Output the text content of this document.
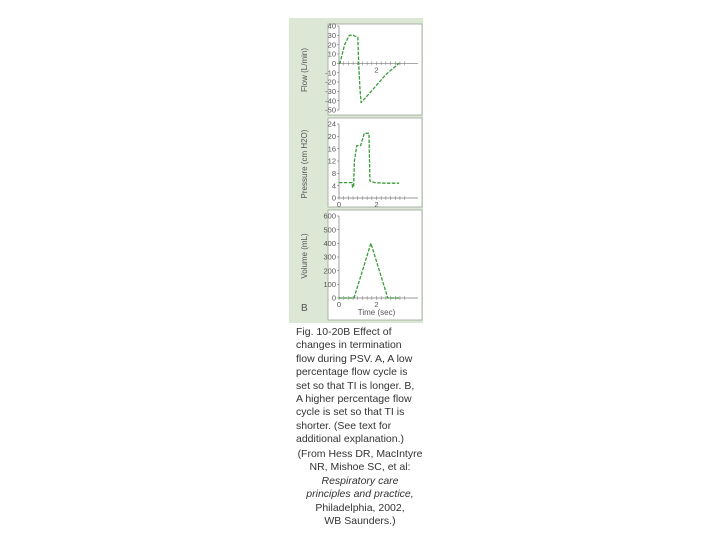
B
40
30
20
10
0
-10
-20
-30
-40
-50
2
Flow (L/min)
24
20
16
12
8
4
0
0	2
Pressure (cm H2O)
600
500
400
300
200
100
0
0	2
Volume (mL)
Time (sec)
Fig. 10-20B Effect of
changes in termination
flow during PSV. A, A low
percentage flow cycle is
set so that TI is longer. B,
A higher percentage flow
cycle is set so that TI is
shorter. (See text for
additional explanation.)
(From Hess DR, MacIntyre
NR, Mishoe SC, et al:
Respiratory care
principles and practice,
Philadelphia, 2002,
WB Saunders.)
